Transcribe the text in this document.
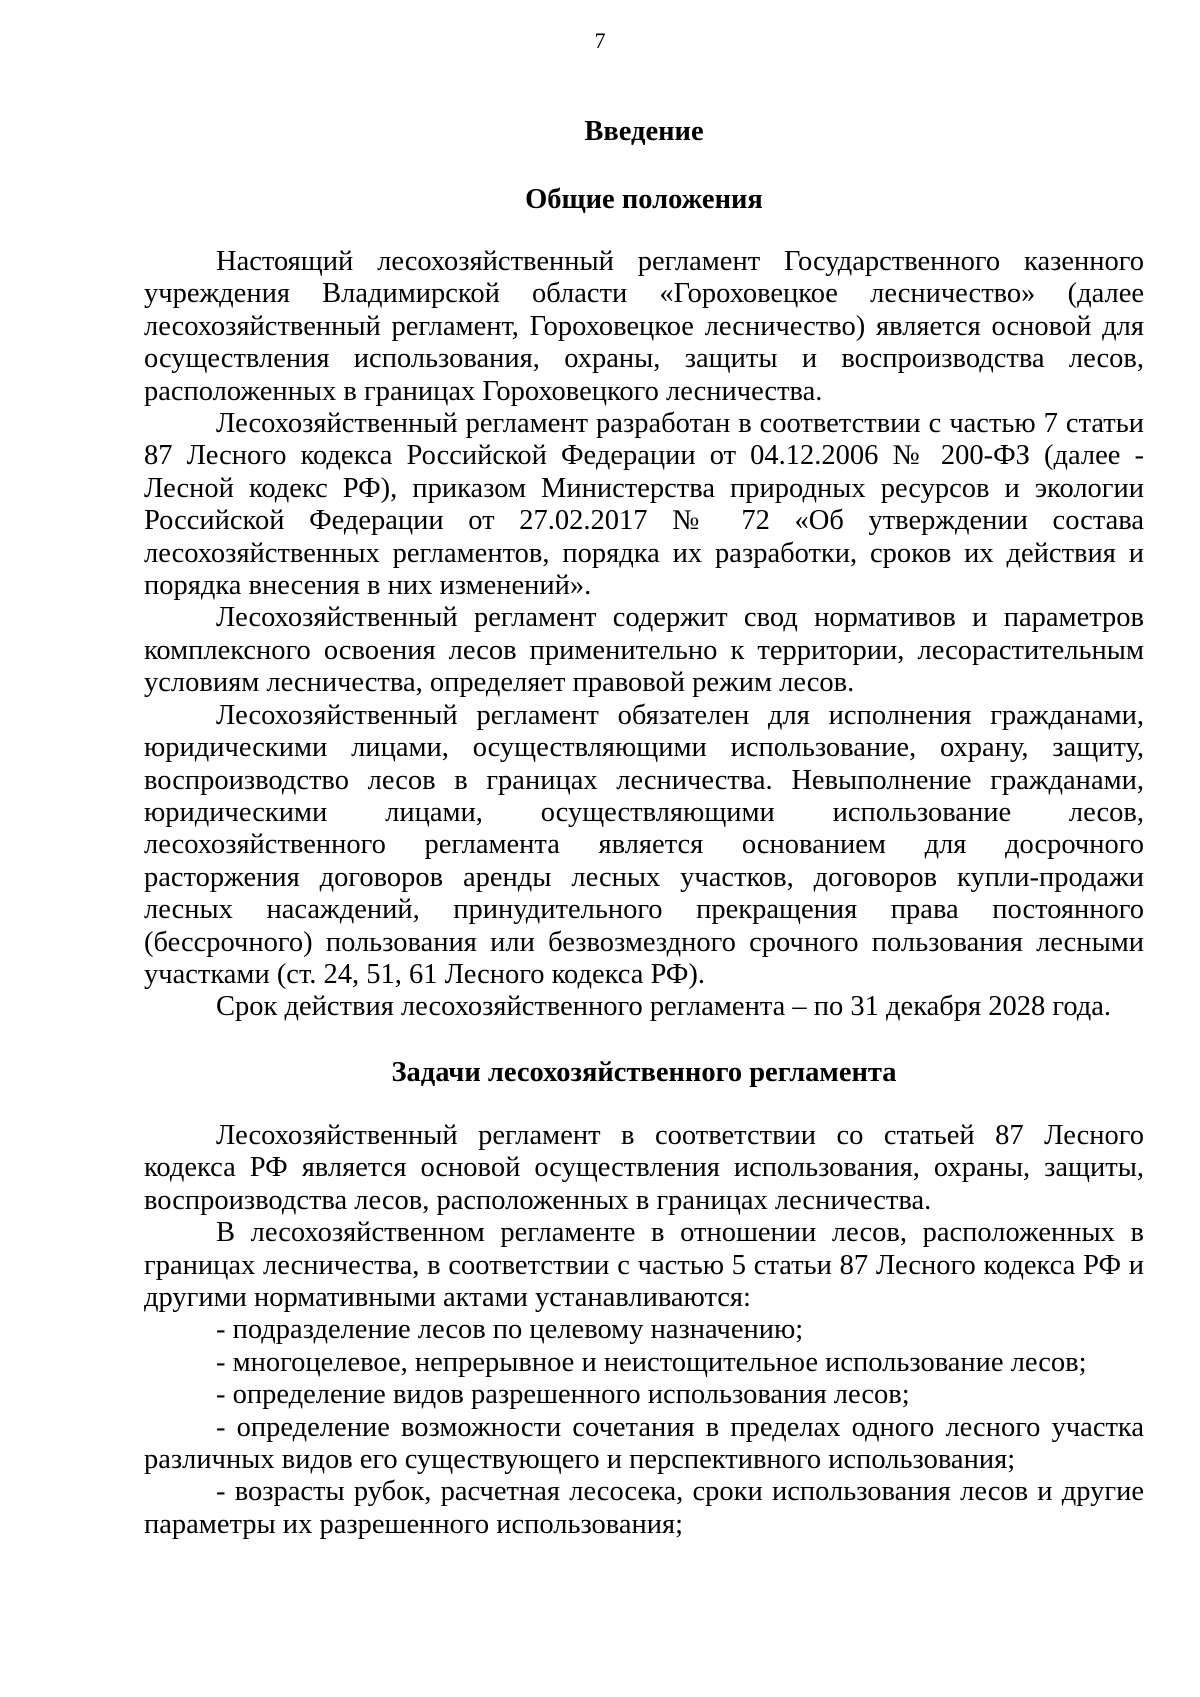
7
Введение
Общие положения

Настоящий лесохозяйственный регламент Государственного казенного учреждения Владимирской области «Гороховецкое лесничество» (далее лесохозяйственный регламент, Гороховецкое лесничество) является основой для осуществления использования, охраны, защиты и воспроизводства лесов, расположенных в границах Гороховецкого лесничества.

Лесохозяйственный регламент разработан в соответствии с частью 7 статьи 87 Лесного кодекса Российской Федерации от 04.12.2006 № 200-ФЗ (далее - Лесной кодекс РФ), приказом Министерства природных ресурсов и экологии Российской Федерации от 27.02.2017 № 72 «Об утверждении состава лесохозяйственных регламентов, порядка их разработки, сроков их действия и порядка внесения в них изменений».

Лесохозяйственный регламент содержит свод нормативов и параметров комплексного освоения лесов применительно к территории, лесорастительным условиям лесничества, определяет правовой режим лесов.

Лесохозяйственный регламент обязателен для исполнения гражданами, юридическими лицами, осуществляющими использование, охрану, защиту, воспроизводство лесов в границах лесничества. Невыполнение гражданами, юридическими лицами, осуществляющими использование лесов, лесохозяйственного регламента является основанием для досрочного расторжения договоров аренды лесных участков, договоров купли-продажи лесных насаждений, принудительного прекращения права постоянного (бессрочного) пользования или безвозмездного срочного пользования лесными участками (ст. 24, 51, 61 Лесного кодекса РФ).

Срок действия лесохозяйственного регламента – по 31 декабря 2028 года.

Задачи лесохозяйственного регламента

Лесохозяйственный регламент в соответствии со статьей 87 Лесного кодекса РФ является основой осуществления использования, охраны, защиты, воспроизводства лесов, расположенных в границах лесничества.

В лесохозяйственном регламенте в отношении лесов, расположенных в границах лесничества, в соответствии с частью 5 статьи 87 Лесного кодекса РФ и другими нормативными актами устанавливаются:

- подразделение лесов по целевому назначению;

- многоцелевое, непрерывное и неистощительное использование лесов;

- определение видов разрешенного использования лесов;

- определение возможности сочетания в пределах одного лесного участка различных видов его существующего и перспективного использования;

- возрасты рубок, расчетная лесосека, сроки использования лесов и другие параметры их разрешенного использования;
